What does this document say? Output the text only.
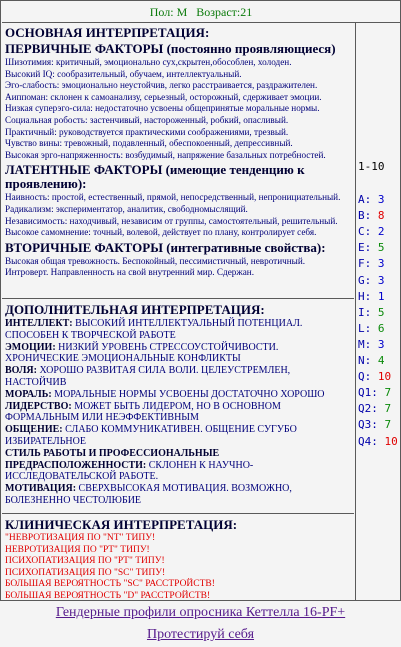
Пол: М Возраст:21
ОСНОВНАЯ ИНТЕРПРЕТАЦИЯ:
ПЕРВИЧНЫЕ ФАКТОРЫ (постоянно проявляющиеся)
Шизотимия: критичный, эмоционально сух,скрытен,обособлен, холоден.
Высокий IQ: сообразительный, обучаем, интеллектуальный.
Эго-слабость: эмоционально неустойчив, легко расстраивается, раздражителен.
Аиппоман: склонен к самоанализу, серьезный, осторожный, сдерживает эмоции.
Низкая суперэго-сила: недостаточно усвоены общепринятые моральные нормы.
Социальная робость: застенчивый, настороженный, робкий, опасливый.
Практичный: руководствуется практическими соображениями, трезвый.
Чувство вины: тревожный, подавленный, обеспокоенный, депрессивный.
Высокая эрго-напряженность: возбудимый, напряжение базальных потребностей.
ЛАТЕНТНЫЕ ФАКТОРЫ (имеющие тенденцию к проявлению):
Наивность: простой, естественный, прямой, непосредственный, непронициательный.
Радикализм: экспериментатор, аналитик, свободномыслящий.
Независимость: находчивый, независим от группы, самостоятельный, решительный.
Высокое самомнение: точный, волевой, действует по плану, контролирует себя.
ВТОРИЧНЫЕ ФАКТОРЫ (интегративные свойства):
Высокая общая тревожность. Беспокойный, пессимистичный, невротичный.
Интроверт. Направленность на свой внутренний мир. Сдержан.
ДОПОЛНИТЕЛЬНАЯ ИНТЕРПРЕТАЦИЯ:
ИНТЕЛЛЕКТ: ВЫСОКИЙ ИНТЕЛЛЕКТУАЛЬНЫЙ ПОТЕНЦИАЛ. СПОСОБЕН К ТВОРЧЕСКОЙ РАБОТЕ
ЭМОЦИИ: НИЗКИЙ УРОВЕНЬ СТРЕССОУСТОЙЧИВОСТИ. ХРОНИЧЕСКИЕ ЭМОЦИОНАЛЬНЫЕ КОНФЛИКТЫ
ВОЛЯ: ХОРОШО РАЗВИТАЯ СИЛА ВОЛИ. ЦЕЛЕУСТРЕМЛЕН, НАСТОЙЧИВ
МОРАЛЬ: МОРАЛЬНЫЕ НОРМЫ УСВОЕНЫ ДОСТАТОЧНО ХОРОШО
ЛИДЕРСТВО: МОЖЕТ БЫТЬ ЛИДЕРОМ, НО В ОСНОВНОМ ФОРМАЛЬНЫМ ИЛИ НЕЭФФЕКТИВНЫМ
ОБЩЕНИЕ: СЛАБО КОММУНИКАТИВЕН. ОБЩЕНИЕ СУГУБО ИЗБИРАТЕЛЬНОЕ
СТИЛЬ РАБОТЫ И ПРОФЕССИОНАЛЬНЫЕ ПРЕДРАСПОЛОЖЕННОСТИ: СКЛОНЕН К НАУЧНО-ИССЛЕДОВАТЕЛЬСКОЙ РАБОТЕ.
МОТИВАЦИЯ: СВЕРХВЫСОКАЯ МОТИВАЦИЯ. ВОЗМОЖНО, БОЛЕЗНЕННО ЧЕСТОЛЮБИЕ
КЛИНИЧЕСКАЯ ИНТЕРПРЕТАЦИЯ:
"НЕВРОТИЗАЦИЯ ПО "NT" ТИПУ!
НЕВРОТИЗАЦИЯ ПО "PT" ТИПУ!
ПСИХОПАТИЗАЦИЯ ПО "PT" ТИПУ!
ПСИХОПАТИЗАЦИЯ ПО "SC" ТИПУ!
БОЛЬШАЯ ВЕРОЯТНОСТЬ "SC" РАССТРОЙСТВ!
БОЛЬШАЯ ВЕРОЯТНОСТЬ "D" РАССТРОЙСТВ!
1-10
A: 3
B: 8
C: 2
E: 5
F: 3
G: 3
H: 1
I: 5
L: 6
M: 3
N: 4
Q: 10
Q1: 7
Q2: 7
Q3: 7
Q4: 10
Гендерные профили опросника Кеттелла 16-PF+
Протестируй себя
